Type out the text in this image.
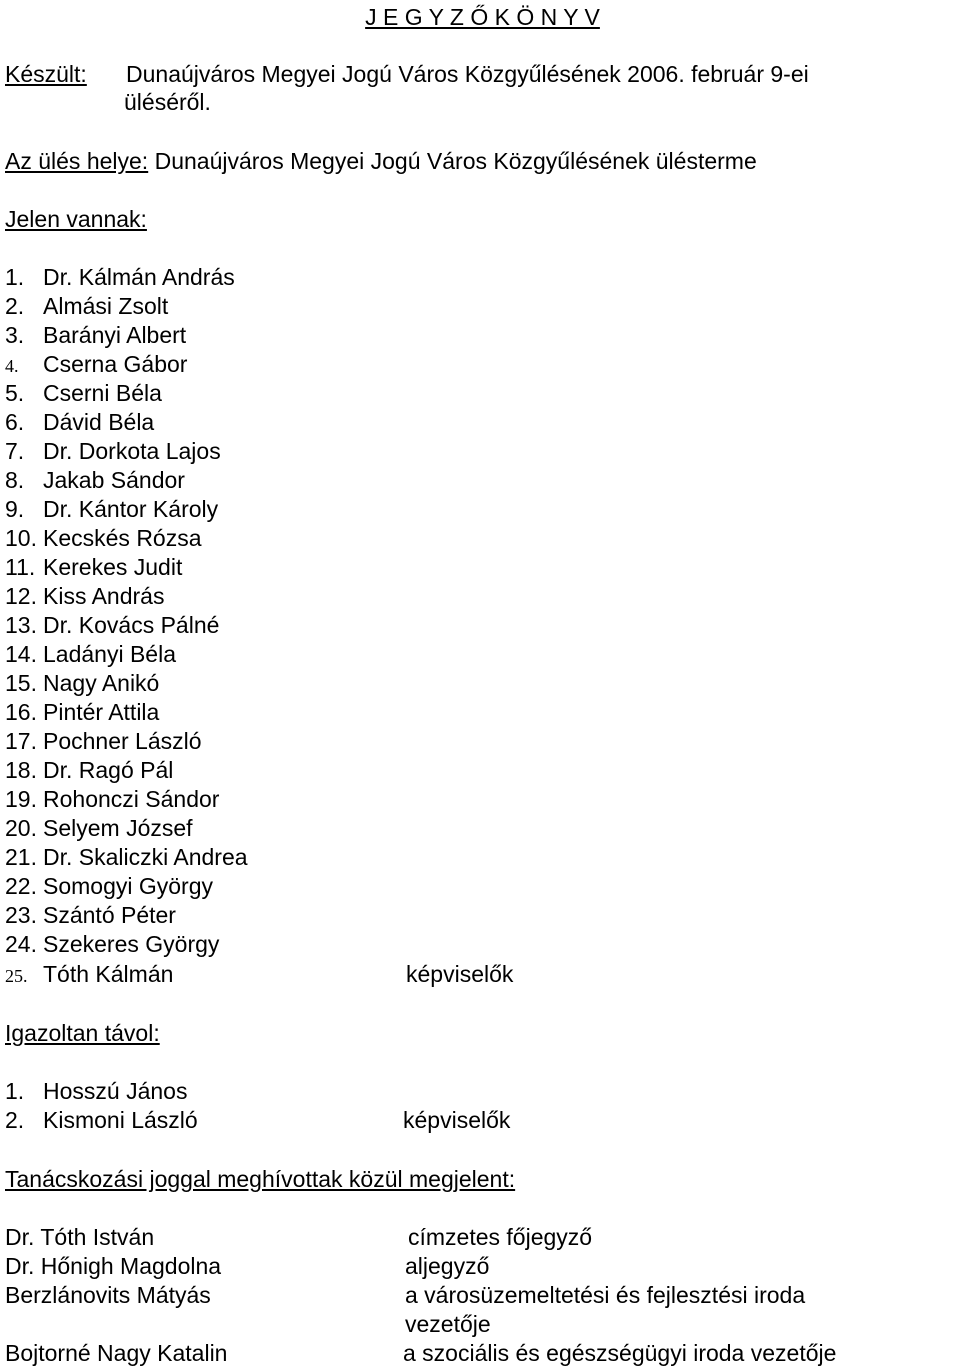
J E G Y Z Ő K Ö N Y V
Készült: Dunaújváros Megyei Jogú Város Közgyűlésének 2006. február 9-ei
üléséről.
Az ülés helye: Dunaújváros Megyei Jogú Város Közgyűlésének ülésterme
Jelen vannak:
1. Dr. Kálmán András
2. Almási Zsolt
3. Barányi Albert
4. Cserna Gábor
5. Cserni Béla
6. Dávid Béla
7. Dr. Dorkota Lajos
8. Jakab Sándor
9. Dr. Kántor Károly
10. Kecskés Rózsa
11. Kerekes Judit
12. Kiss András
13. Dr. Kovács Pálné
14. Ladányi Béla
15. Nagy Anikó
16. Pintér Attila
17. Pochner László
18. Dr. Ragó Pál
19. Rohonczi Sándor
20. Selyem József
21. Dr. Skaliczki Andrea
22. Somogyi György
23. Szántó Péter
24. Szekeres György
25. Tóth Kálmán	képviselők
Igazoltan távol:
1. Hosszú János
2. Kismoni László	képviselők
Tanácskozási joggal meghívottak közül megjelent:
Dr. Tóth István	címzetes főjegyző
Dr. Hőnigh Magdolna	aljegyző
Berzlánovits Mátyás	a városüzemeltetési és fejlesztési iroda
vezetője
Bojtorné Nagy Katalin	a szociális és egészségügyi iroda vezetője
